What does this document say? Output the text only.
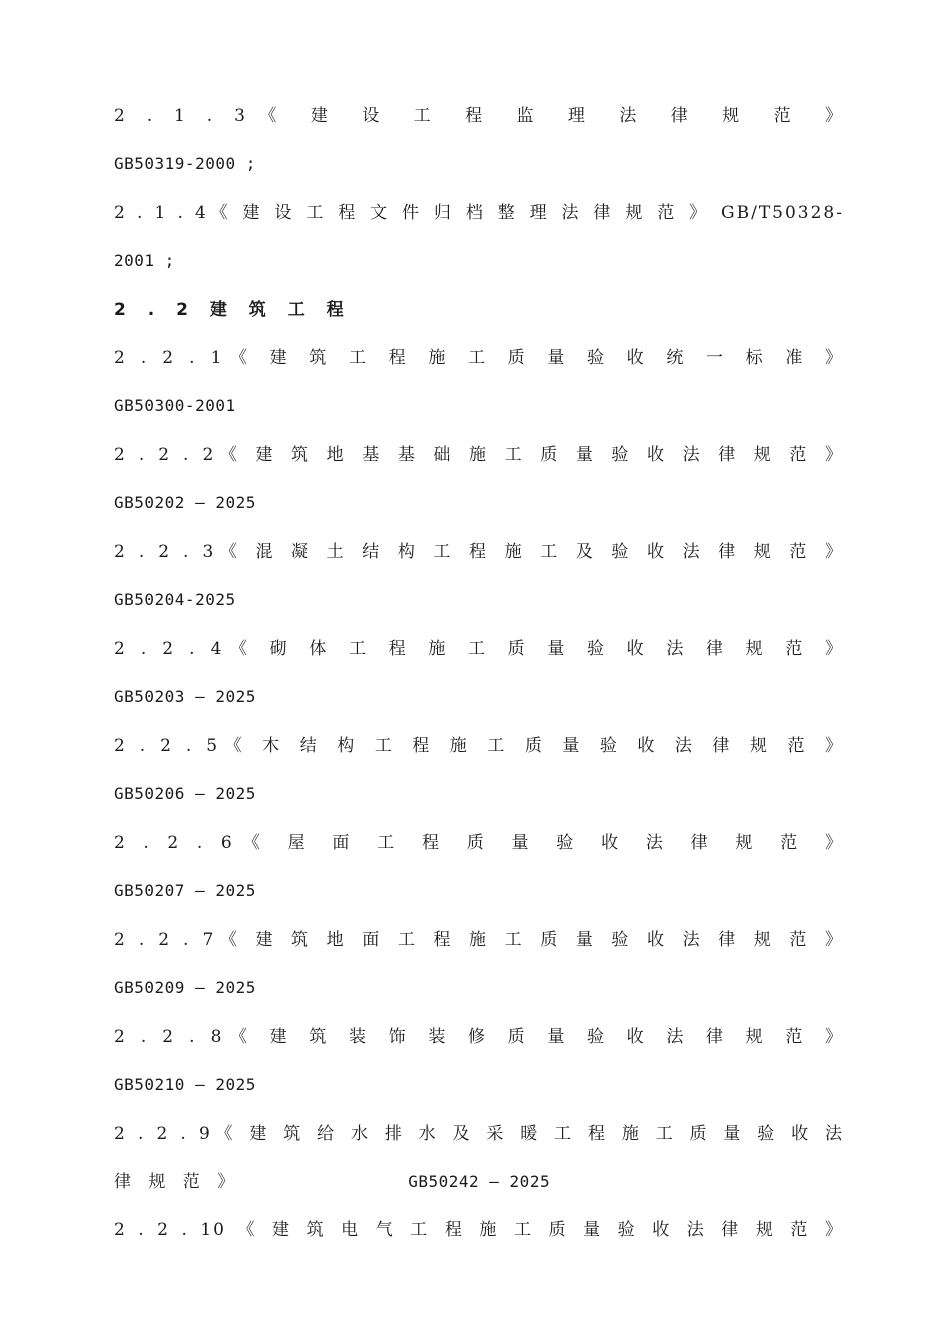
2 . 1 . 3《 建 设 工 程 监 理 法 律 规 范 》
GB50319-2000 ;
2 . 1 . 4《 建 设 工 程 文 件 归 档 整 理 法 律 规 范 》 GB/T50328-
2001 ;
2 . 2 建 筑 工 程
2 . 2 . 1《 建 筑 工 程 施 工 质 量 验 收 统 一 标 准 》
GB50300-2001
2 . 2 . 2《 建 筑 地 基 基 础 施 工 质 量 验 收 法 律 规 范 》
GB50202 — 2025
2 . 2 . 3《 混 凝 土 结 构 工 程 施 工 及 验 收 法 律 规 范 》
GB50204-2025
2 . 2 . 4《 砌 体 工 程 施 工 质 量 验 收 法 律 规 范 》
GB50203 — 2025
2 . 2 . 5《 木 结 构 工 程 施 工 质 量 验 收 法 律 规 范 》
GB50206 — 2025
2 . 2 . 6《 屋 面 工 程 质 量 验 收 法 律 规 范 》
GB50207 — 2025
2 . 2 . 7《 建 筑 地 面 工 程 施 工 质 量 验 收 法 律 规 范 》
GB50209 — 2025
2 . 2 . 8《 建 筑 装 饰 装 修 质 量 验 收 法 律 规 范 》
GB50210 — 2025
2 . 2 . 9《 建 筑 给 水 排 水 及 采 暖 工 程 施 工 质 量 验 收 法
律 规 范 》	GB50242 — 2025
2 . 2 . 10 《 建 筑 电 气 工 程 施 工 质 量 验 收 法 律 规 范 》
